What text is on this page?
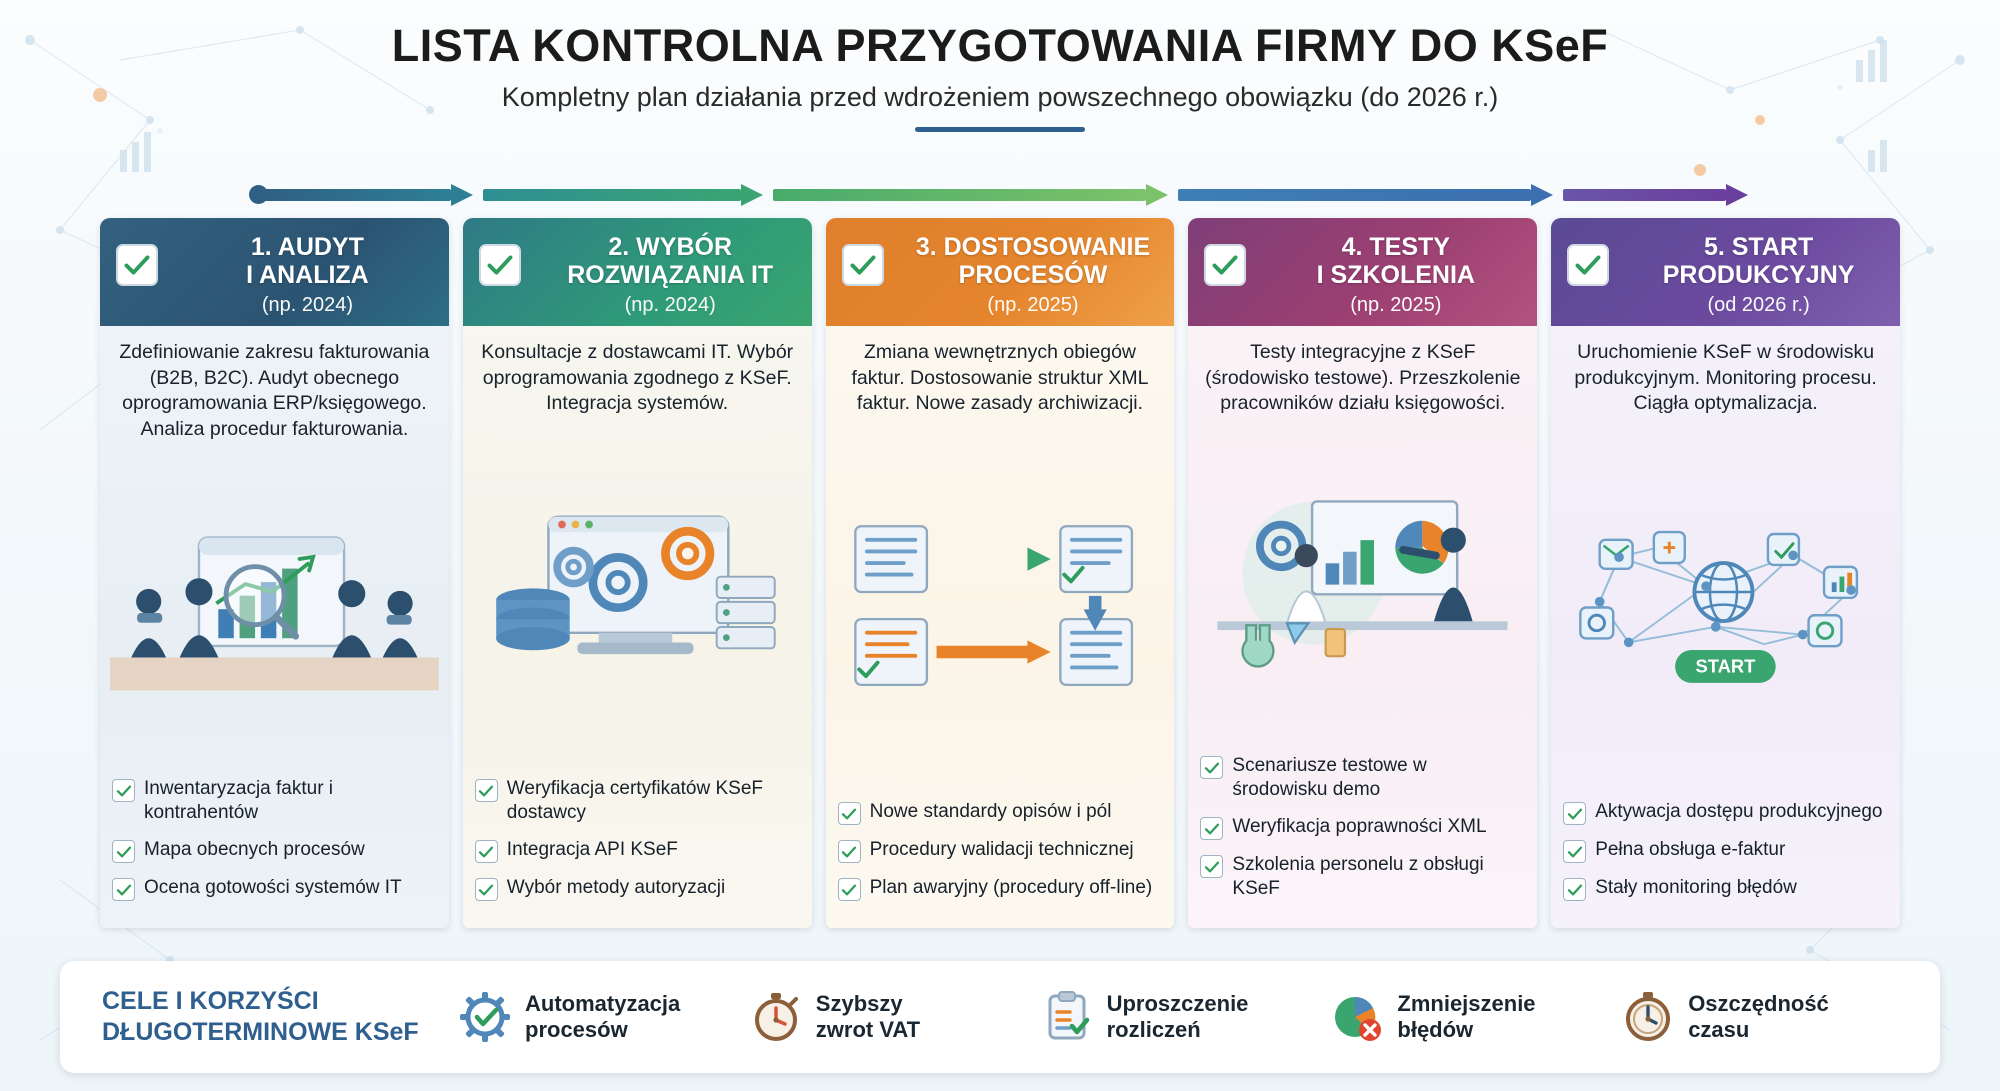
LISTA KONTROLNA PRZYGOTOWANIA FIRMY DO KSeF
Kompletny plan działania przed wdrożeniem powszechnego obowiązku (do 2026 r.)
1. AUDYT
I ANALIZA
(np. 2024)
Zdefiniowanie zakresu fakturowania (B2B, B2C). Audyt obecnego oprogramowania ERP/księgowego. Analiza procedur fakturowania.
Inwentaryzacja faktur i kontrahentów
Mapa obecnych procesów
Ocena gotowości systemów IT
2. WYBÓR
ROZWIĄZANIA IT
(np. 2024)
Konsultacje z dostawcami IT. Wybór oprogramowania zgodnego z KSeF. Integracja systemów.
Weryfikacja certyfikatów KSeF dostawcy
Integracja API KSeF
Wybór metody autoryzacji
3. DOSTOSOWANIE
PROCESÓW
(np. 2025)
Zmiana wewnętrznych obiegów faktur. Dostosowanie struktur XML faktur. Nowe zasady archiwizacji.
Nowe standardy opisów i pól
Procedury walidacji technicznej
Plan awaryjny (procedury off-line)
4. TESTY
I SZKOLENIA
(np. 2025)
Testy integracyjne z KSeF (środowisko testowe). Przeszkolenie pracowników działu księgowości.
Scenariusze testowe w środowisku demo
Weryfikacja poprawności XML
Szkolenia personelu z obsługi KSeF
5. START
PRODUKCYJNY
(od 2026 r.)
Uruchomienie KSeF w środowisku produkcyjnym. Monitoring procesu. Ciągła optymalizacja.
START
Aktywacja dostępu produkcyjnego
Pełna obsługa e-faktur
Stały monitoring błędów
CELE I KORZYŚCI
DŁUGOTERMINOWE KSeF
Automatyzacja
procesów
Szybszy
zwrot VAT
Uproszczenie
rozliczeń
Zmniejszenie
błędów
Oszczędność
czasu
